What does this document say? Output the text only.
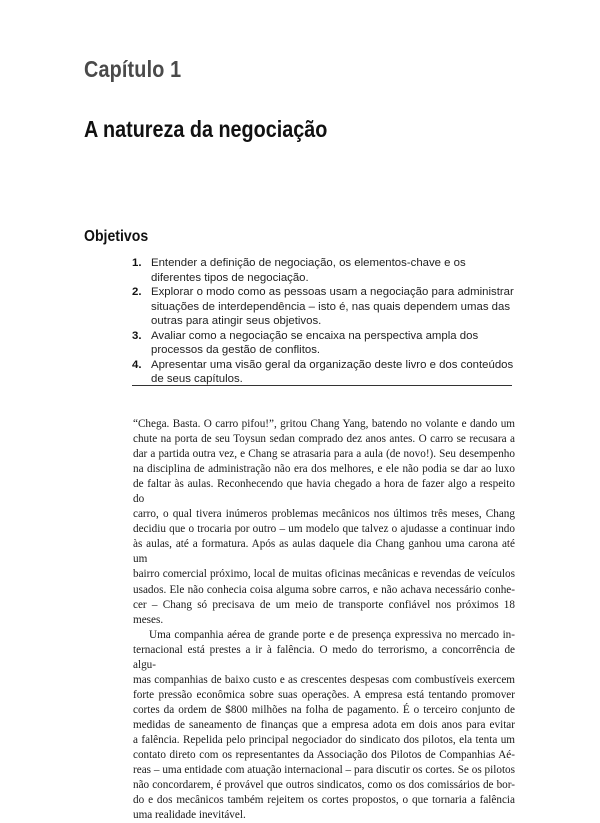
Capítulo 1
A natureza da negociação
Objetivos
1. Entender a definição de negociação, os elementos-chave e os diferentes tipos de negociação.
2. Explorar o modo como as pessoas usam a negociação para administrar situações de interdependência – isto é, nas quais dependem umas das outras para atingir seus objetivos.
3. Avaliar como a negociação se encaixa na perspectiva ampla dos processos da gestão de conflitos.
4. Apresentar uma visão geral da organização deste livro e dos conteúdos de seus capítulos.

“Chega. Basta. O carro pifou!”, gritou Chang Yang, batendo no volante e dando um

chute na porta de seu Toysun sedan comprado dez anos antes. O carro se recusara a

dar a partida outra vez, e Chang se atrasaria para a aula (de novo!). Seu desempenho

na disciplina de administração não era dos melhores, e ele não podia se dar ao luxo

de faltar às aulas. Reconhecendo que havia chegado a hora de fazer algo a respeito do

carro, o qual tivera inúmeros problemas mecânicos nos últimos três meses, Chang

decidiu que o trocaria por outro – um modelo que talvez o ajudasse a continuar indo

às aulas, até a formatura. Após as aulas daquele dia Chang ganhou uma carona até um

bairro comercial próximo, local de muitas oficinas mecânicas e revendas de veículos

usados. Ele não conhecia coisa alguma sobre carros, e não achava necessário conhe-

cer – Chang só precisava de um meio de transporte confiável nos próximos 18 meses.

Uma companhia aérea de grande porte e de presença expressiva no mercado in-

ternacional está prestes a ir à falência. O medo do terrorismo, a concorrência de algu-

mas companhias de baixo custo e as crescentes despesas com combustíveis exercem

forte pressão econômica sobre suas operações. A empresa está tentando promover

cortes da ordem de $800 milhões na folha de pagamento. É o terceiro conjunto de

medidas de saneamento de finanças que a empresa adota em dois anos para evitar

a falência. Repelida pelo principal negociador do sindicato dos pilotos, ela tenta um

contato direto com os representantes da Associação dos Pilotos de Companhias Aé-

reas – uma entidade com atuação internacional – para discutir os cortes. Se os pilotos

não concordarem, é provável que outros sindicatos, como os dos comissários de bor-

do e dos mecânicos também rejeitem os cortes propostos, o que tornaria a falência

uma realidade inevitável.
